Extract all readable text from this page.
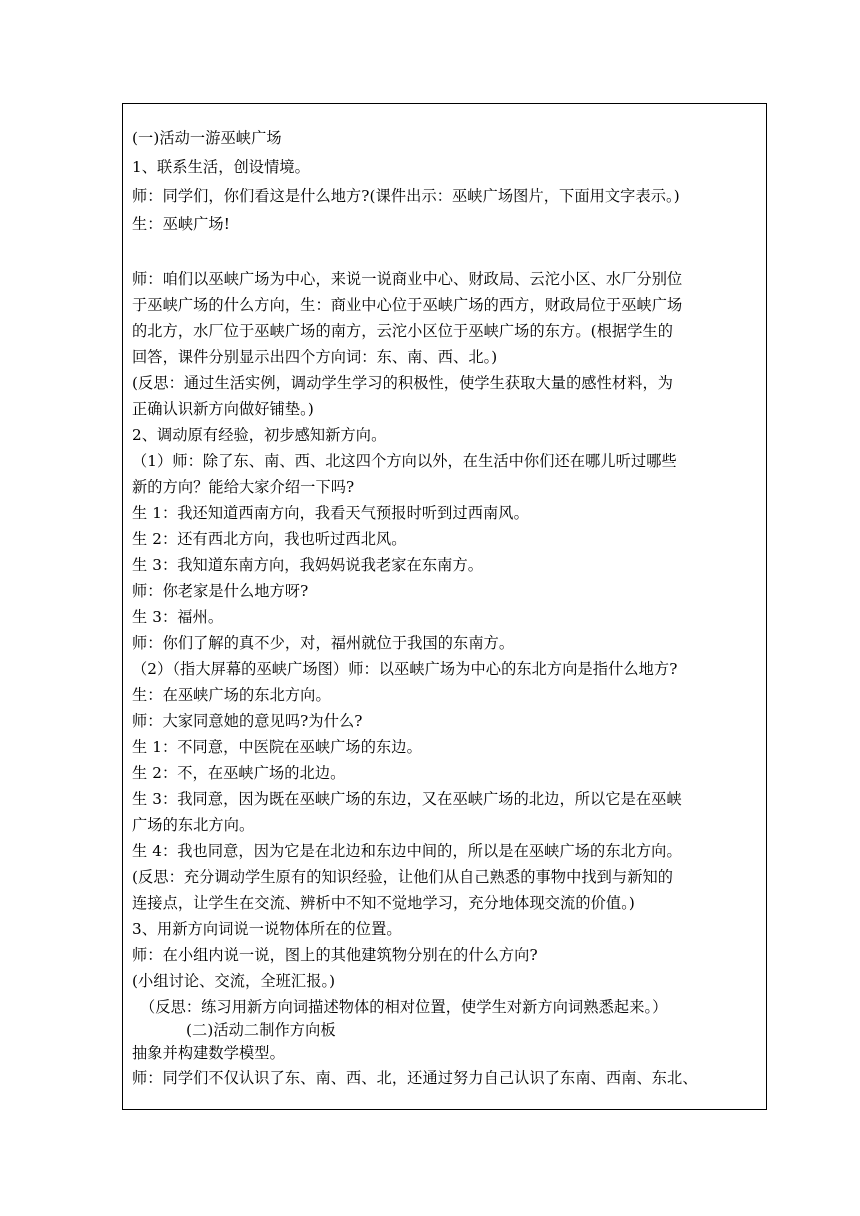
(一)活动一游巫峡广场
1、联系生活，创设情境。
师：同学们，你们看这是什么地方?(课件出示：巫峡广场图片，下面用文字表示。)
生：巫峡广场!
师：咱们以巫峡广场为中心，来说一说商业中心、财政局、云沱小区、水厂分别位
于巫峡广场的什么方向，生：商业中心位于巫峡广场的西方，财政局位于巫峡广场
的北方，水厂位于巫峡广场的南方，云沱小区位于巫峡广场的东方。(根据学生的
回答，课件分别显示出四个方向词：东、南、西、北。)
(反思：通过生活实例，调动学生学习的积极性，使学生获取大量的感性材料，为
正确认识新方向做好铺垫。)
2、调动原有经验，初步感知新方向。
（1）师：除了东、南、西、北这四个方向以外，在生活中你们还在哪儿听过哪些
新的方向？能给大家介绍一下吗?
生 1：我还知道西南方向，我看天气预报时听到过西南风。
生 2：还有西北方向，我也听过西北风。
生 3：我知道东南方向，我妈妈说我老家在东南方。
师：你老家是什么地方呀?
生 3：福州。
师：你们了解的真不少，对，福州就位于我国的东南方。
（2）（指大屏幕的巫峡广场图）师：以巫峡广场为中心的东北方向是指什么地方?
生：在巫峡广场的东北方向。
师：大家同意她的意见吗?为什么?
生 1：不同意，中医院在巫峡广场的东边。
生 2：不，在巫峡广场的北边。
生 3：我同意，因为既在巫峡广场的东边，又在巫峡广场的北边，所以它是在巫峡
广场的东北方向。
生 4：我也同意，因为它是在北边和东边中间的，所以是在巫峡广场的东北方向。
(反思：充分调动学生原有的知识经验，让他们从自己熟悉的事物中找到与新知的
连接点，让学生在交流、辨析中不知不觉地学习，充分地体现交流的价值。)
3、用新方向词说一说物体所在的位置。
师：在小组内说一说，图上的其他建筑物分别在的什么方向?
(小组讨论、交流，全班汇报。)
（反思：练习用新方向词描述物体的相对位置，使学生对新方向词熟悉起来。）
(二)活动二制作方向板
抽象并构建数学模型。
师：同学们不仅认识了东、南、西、北，还通过努力自己认识了东南、西南、东北、
